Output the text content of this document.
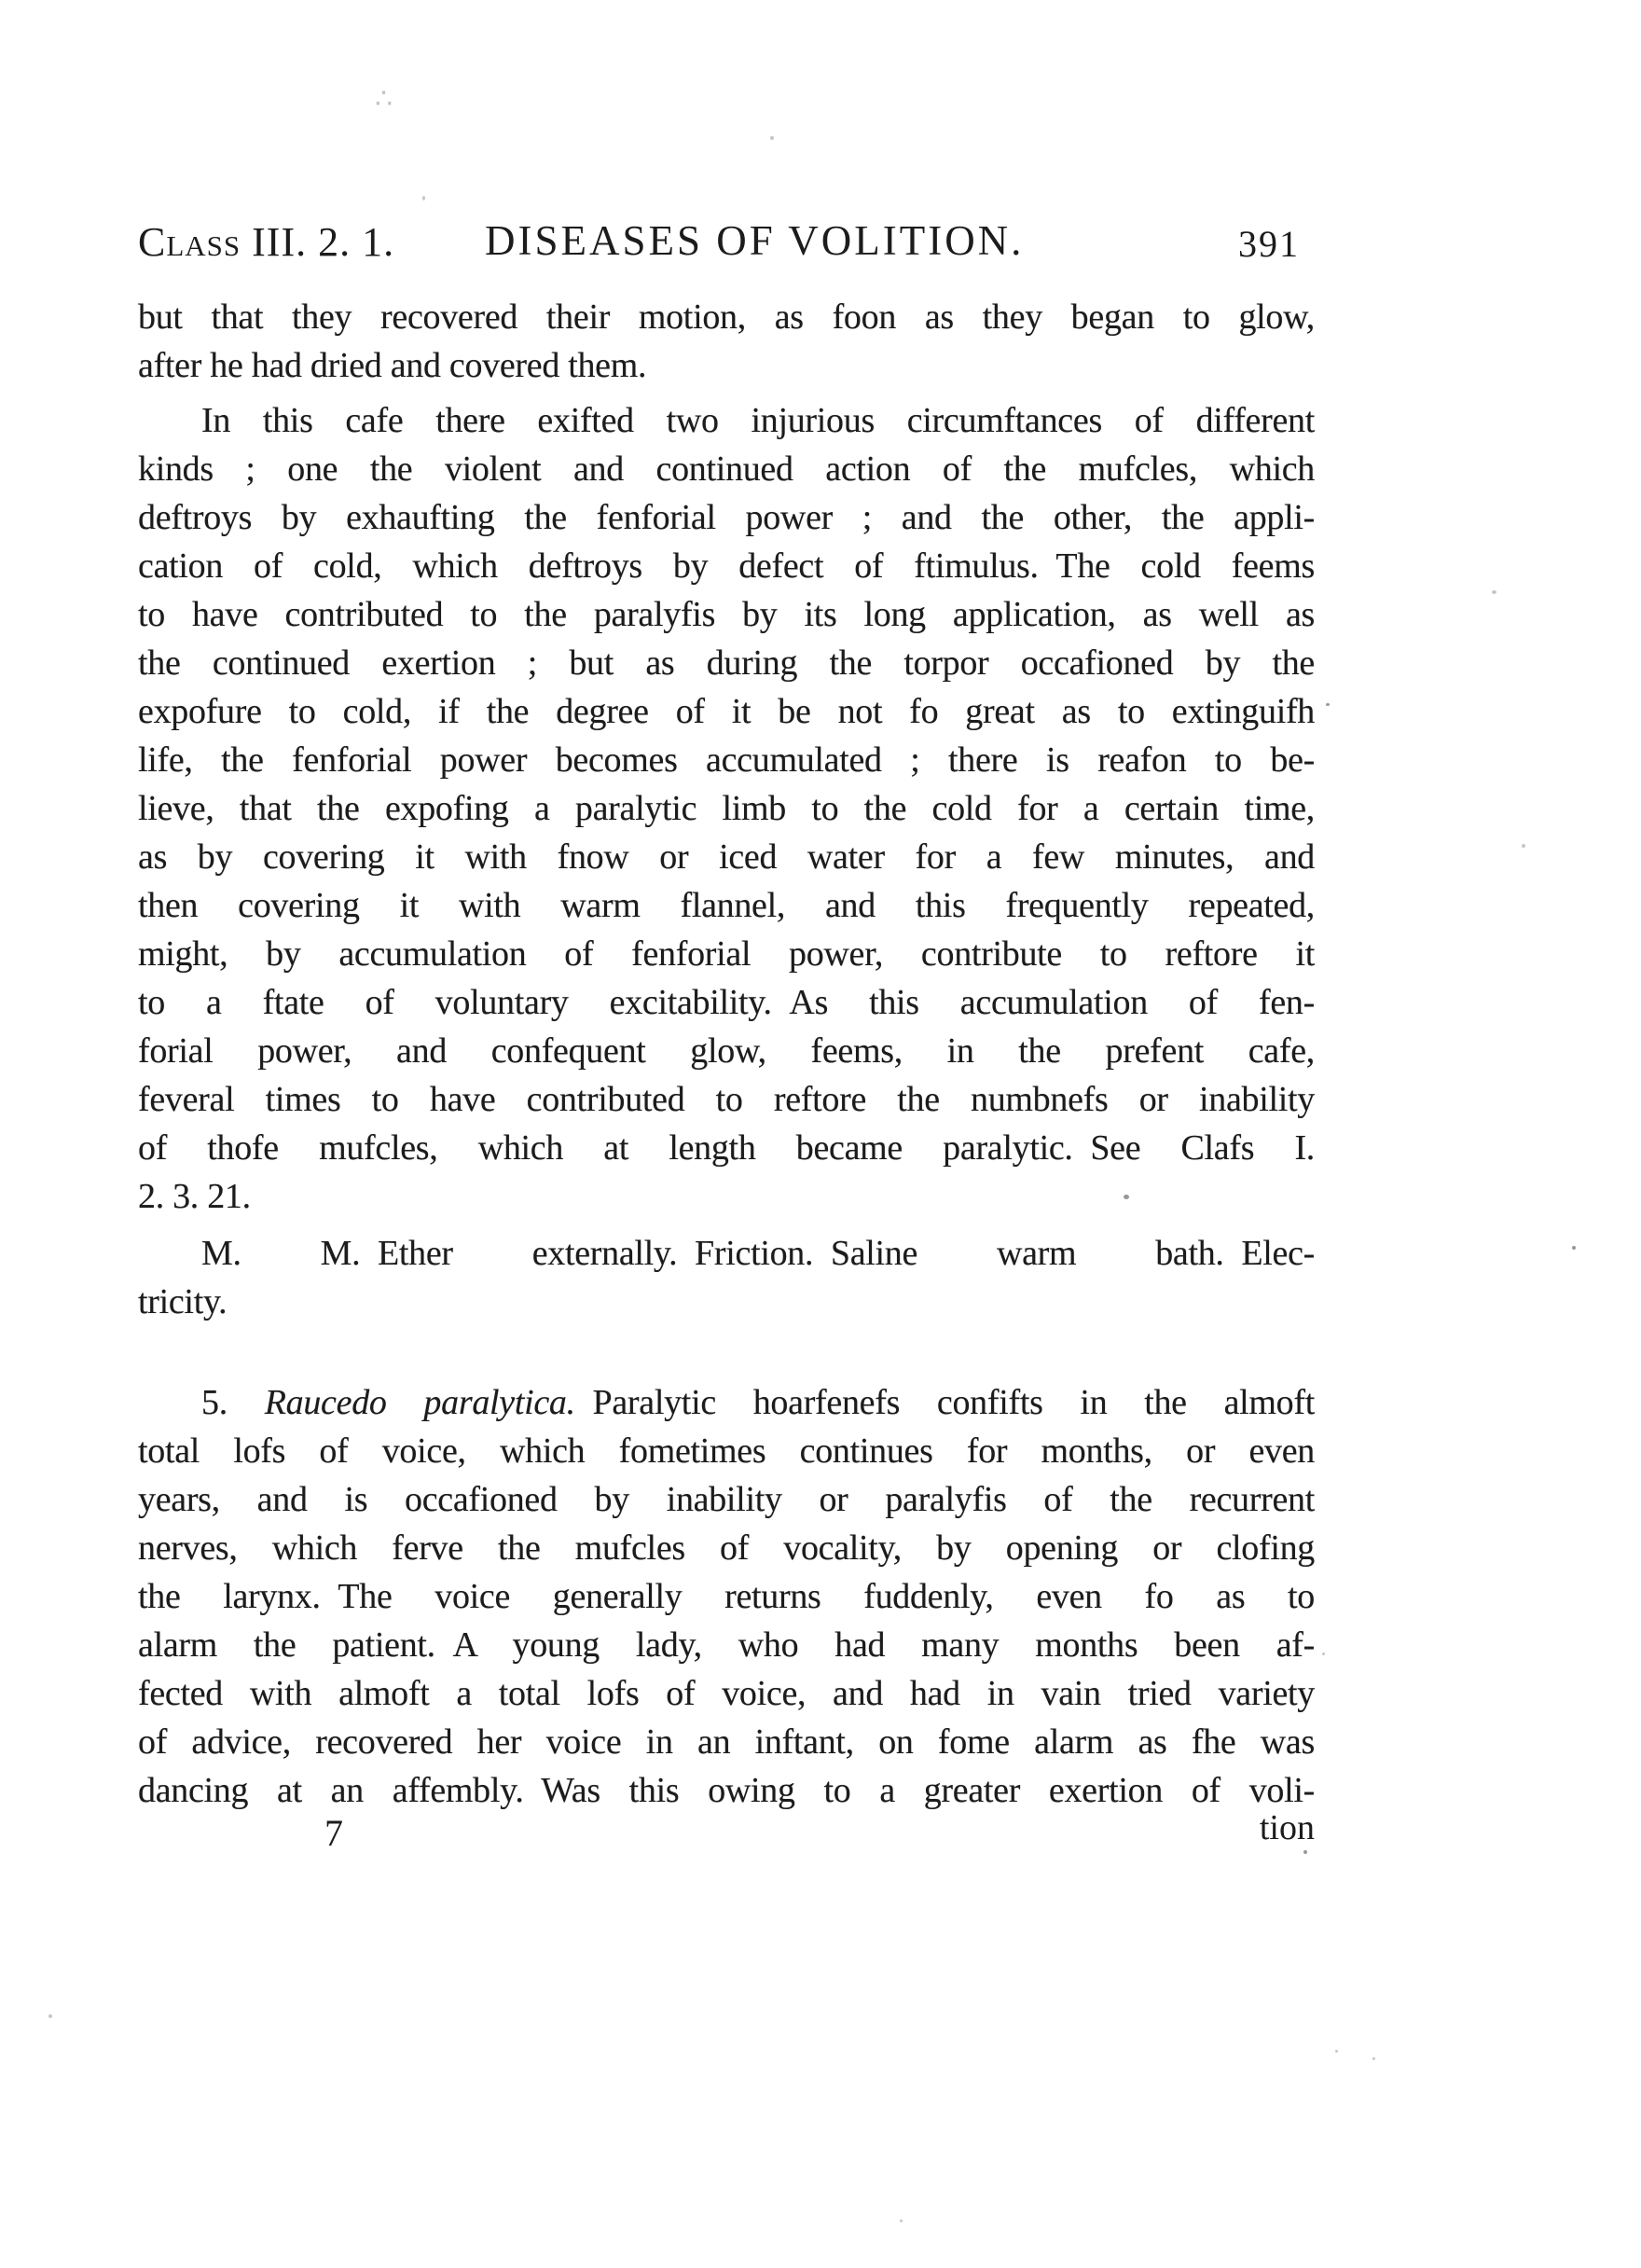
Class III. 2. 1. DISEASES OF VOLITION.	391
but that they recovered their motion, as foon as they began to glow,
after he had dried and covered them.
In this cafe there exifted two injurious circumftances of different
kinds ; one the violent and continued action of the mufcles, which
deftroys by exhaufting the fenforial power ; and the other, the appli-
cation of cold, which deftroys by defect of ftimulus. The cold feems
to have contributed to the paralyfis by its long application, as well as
the continued exertion ; but as during the torpor occafioned by the
expofure to cold, if the degree of it be not fo great as to extinguifh
life, the fenforial power becomes accumulated ; there is reafon to be-
lieve, that the expofing a paralytic limb to the cold for a certain time,
as by covering it with fnow or iced water for a few minutes, and
then covering it with warm flannel, and this frequently repeated,
might, by accumulation of fenforial power, contribute to reftore it
to a ftate of voluntary excitability. As this accumulation of fen-
forial power, and confequent glow, feems, in the prefent cafe,
feveral times to have contributed to reftore the numbnefs or inability
of thofe mufcles, which at length became paralytic. See Clafs I.
2. 3. 21.
M. M. Ether externally. Friction. Saline warm bath. Elec-
tricity.
5. Raucedo paralytica. Paralytic hoarfenefs confifts in the almoft
total lofs of voice, which fometimes continues for months, or even
years, and is occafioned by inability or paralyfis of the recurrent
nerves, which ferve the mufcles of vocality, by opening or clofing
the larynx. The voice generally returns fuddenly, even fo as to
alarm the patient. A young lady, who had many months been af-
fected with almoft a total lofs of voice, and had in vain tried variety
of advice, recovered her voice in an inftant, on fome alarm as fhe was
dancing at an affembly. Was this owing to a greater exertion of voli-
7	tion
∴
